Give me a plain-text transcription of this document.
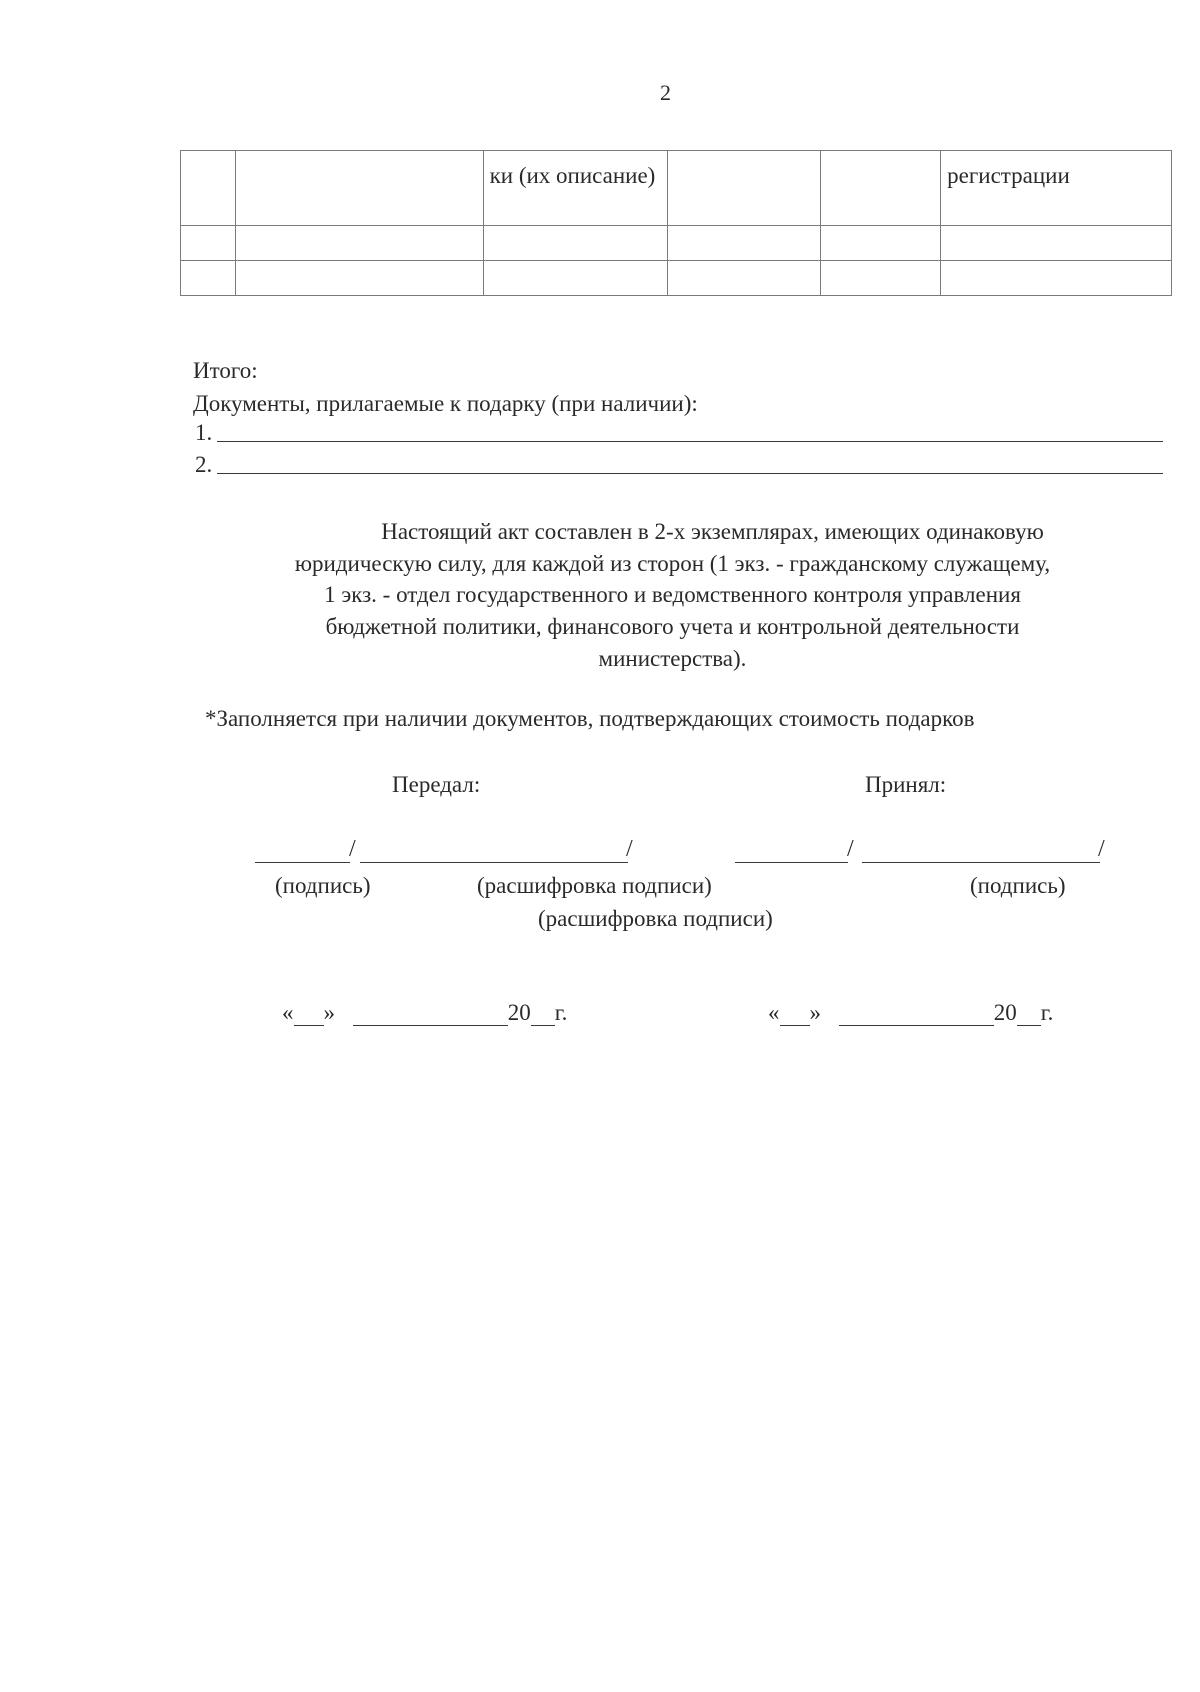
2
		ки (их описание)			регистрации

Итого:
Документы, прилагаемые к подарку (при наличии):
1.
2.

Настоящий акт составлен в 2-х экземплярах, имеющих одинаковую

юридическую силу, для каждой из сторон (1 экз. - гражданскому служащему,

1 экз. - отдел государственного и ведомственного контроля управления

бюджетной политики, финансового учета и контрольной деятельности

министерства).

*Заполняется при наличии документов, подтверждающих стоимость подарков
Передал:	Принял:
/	/	/	/
(подпись)	(расшифровка подписи)	(подпись)
(расшифровка подписи)
« »	20 г.	« »	20 г.
